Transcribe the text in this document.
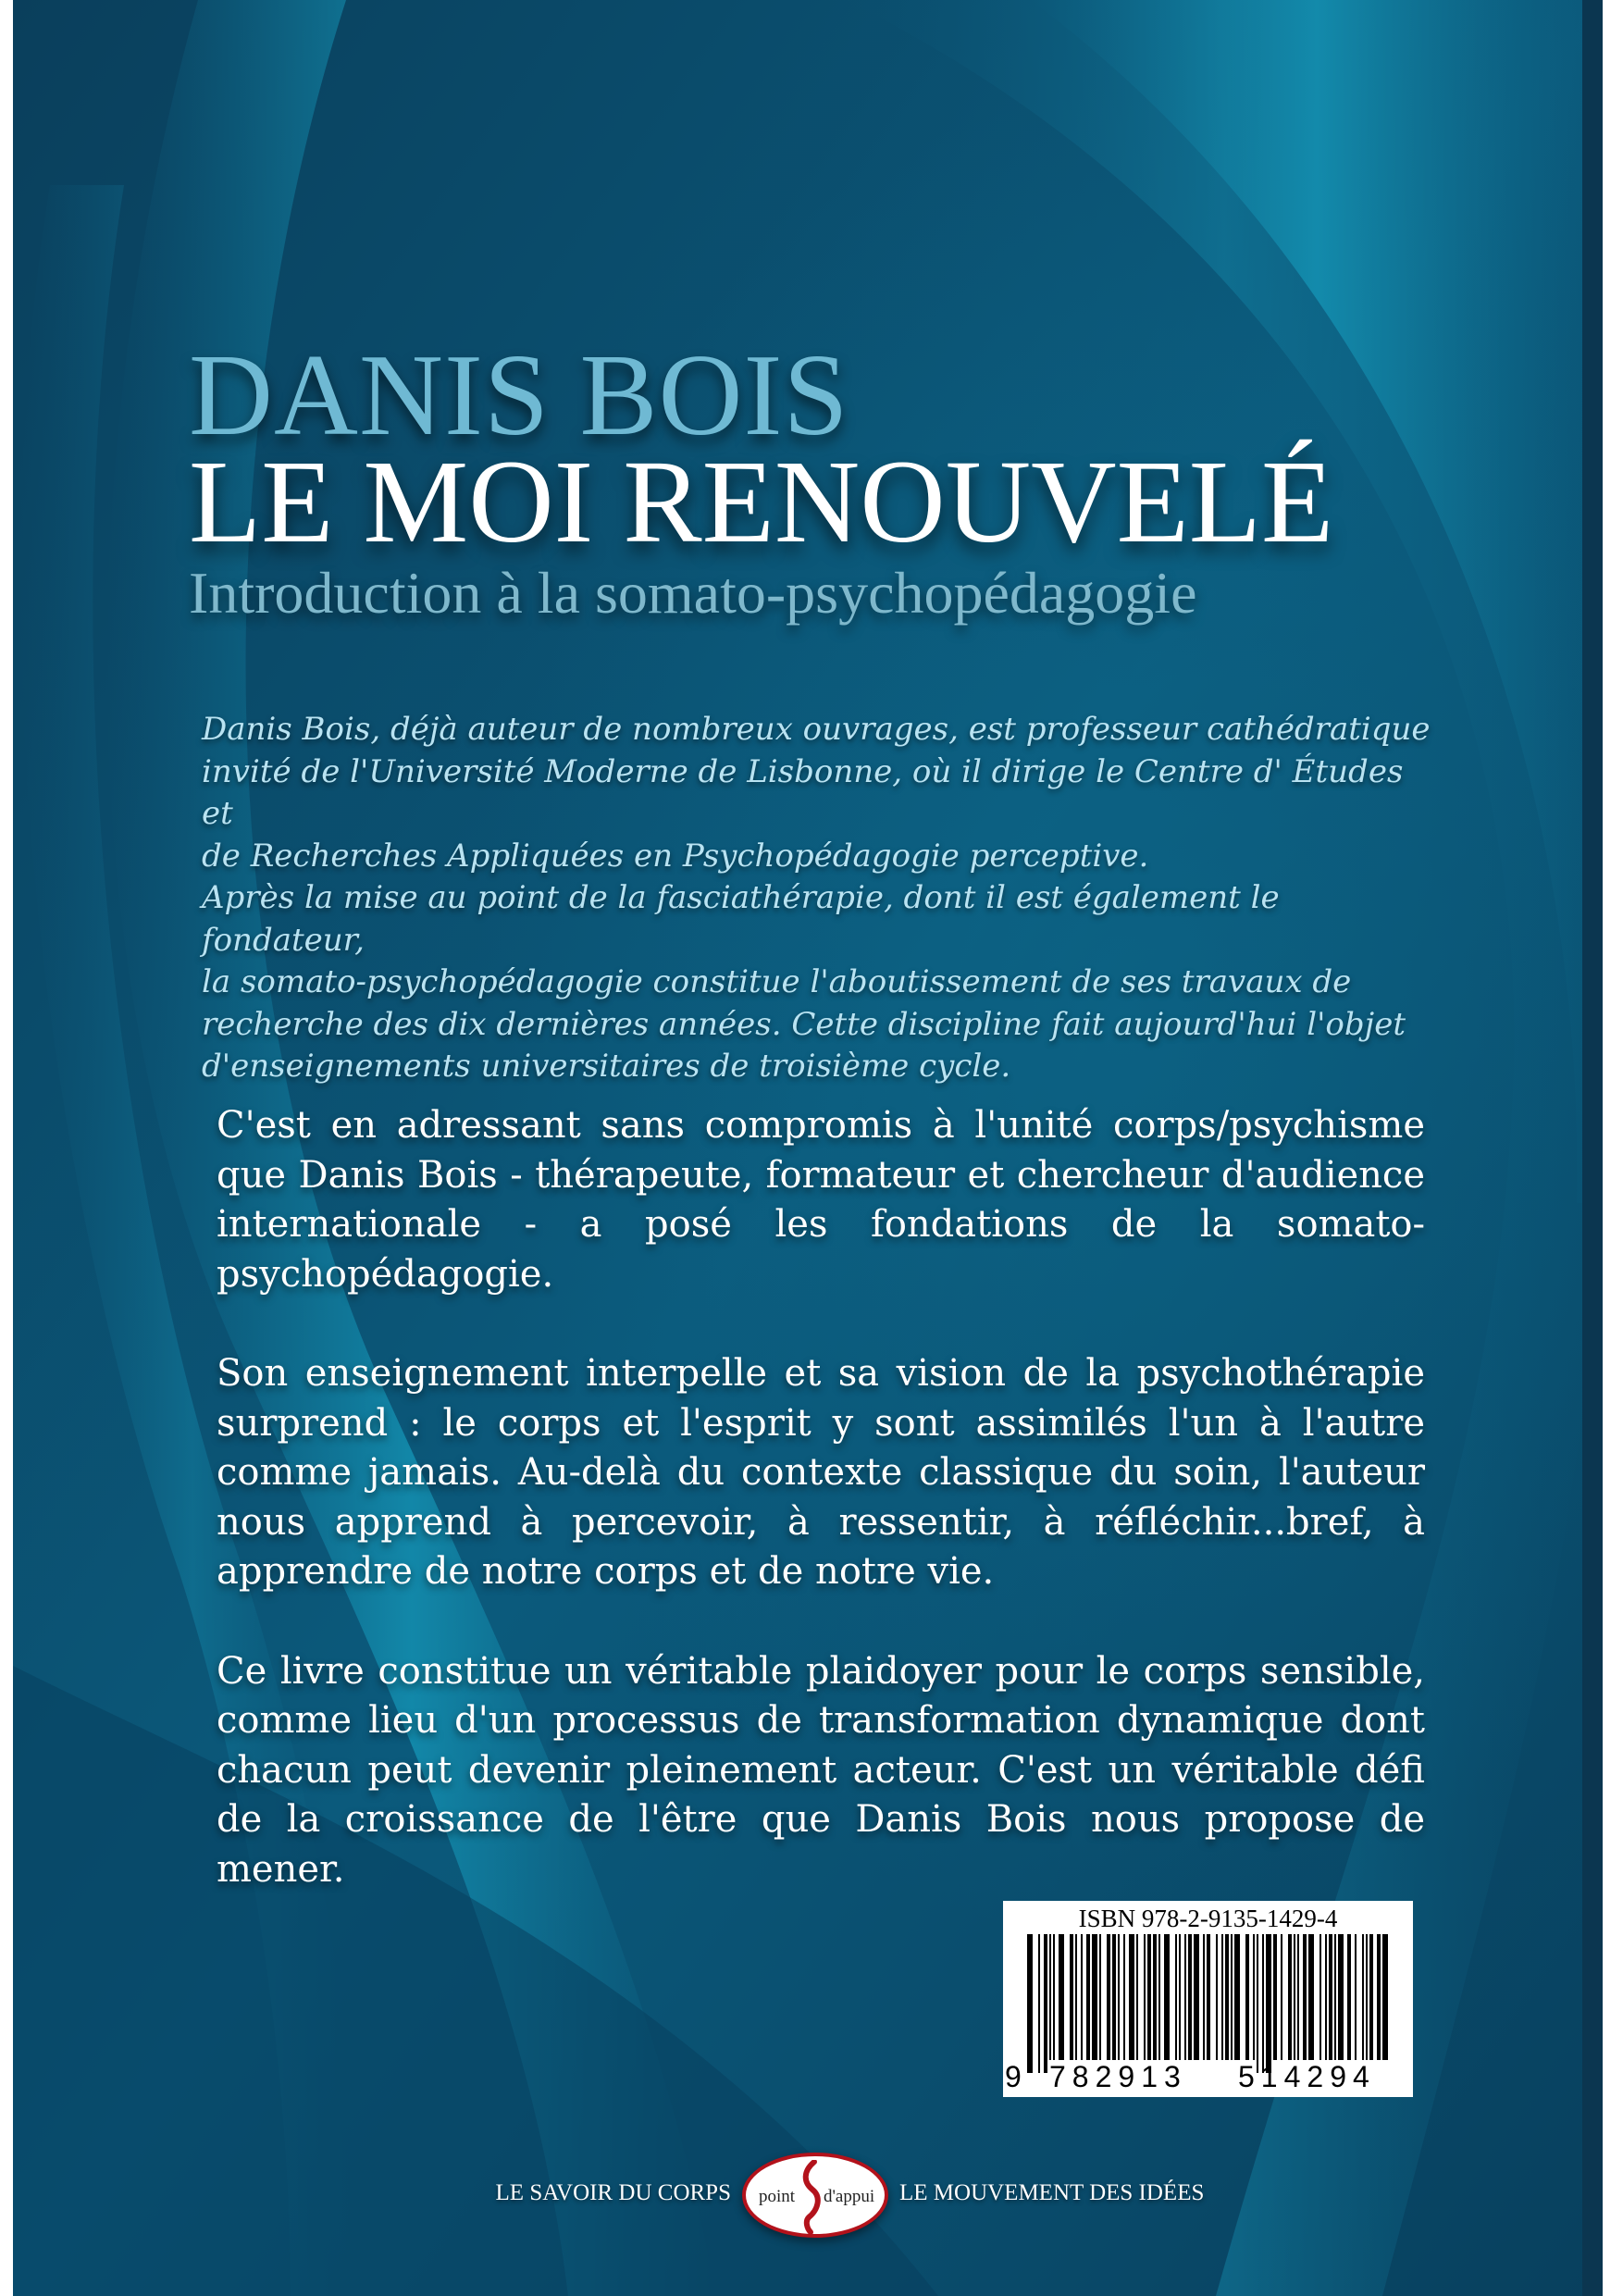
DANIS BOIS
LE MOI RENOUVELÉ
Introduction à la somato-psychopédagogie

Danis Bois, déjà auteur de nombreux ouvrages, est professeur cathédratique

invité de l'Université Moderne de Lisbonne, où il dirige le Centre d' Études et

de Recherches Appliquées en Psychopédagogie perceptive.

Après la mise au point de la fasciathérapie, dont il est également le fondateur,

la somato-psychopédagogie constitue l'aboutissement de ses travaux de

recherche des dix dernières années. Cette discipline fait aujourd'hui l'objet

d'enseignements universitaires de troisième cycle.

C'est en adressant sans compromis à l'unité corps/psychisme que Danis Bois - thérapeute, formateur et chercheur d'audience internationale - a posé les fondations de la somato-psychopédagogie.

Son enseignement interpelle et sa vision de la psychothérapie surprend : le corps et l'esprit y sont assimilés l'un à l'autre comme jamais. Au-delà du contexte classique du soin, l'auteur nous apprend à percevoir, à ressentir, à réfléchir...bref, à apprendre de notre corps et de notre vie.

Ce livre constitue un véritable plaidoyer pour le corps sensible, comme lieu d'un processus de transformation dynamique dont chacun peut devenir pleinement acteur. C'est un véritable défi de la croissance de l'être que Danis Bois nous propose de mener.

ISBN 978-2-9135-1429-4
9 782913 514294
LE SAVOIR DU CORPS point d'appui LE MOUVEMENT DES IDÉES
